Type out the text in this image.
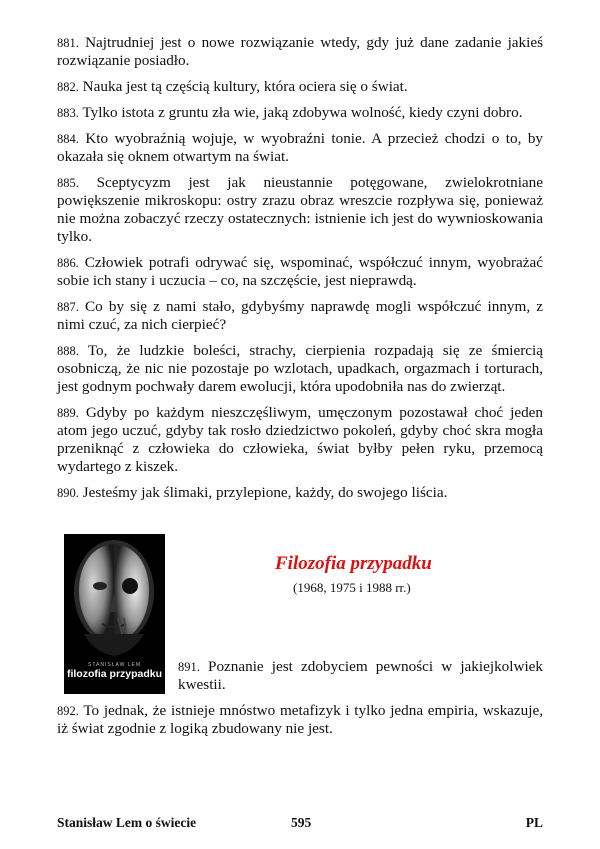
881. Najtrudniej jest o nowe rozwiązanie wtedy, gdy już dane zadanie jakieś rozwiązanie posiadło.

882. Nauka jest tą częścią kultury, która ociera się o świat.

883. Tylko istota z gruntu zła wie, jaką zdobywa wolność, kiedy czyni dobro.

884. Kto wyobraźnią wojuje, w wyobraźni tonie. A przecież chodzi o to, by okazała się oknem otwartym na świat.

885. Sceptycyzm jest jak nieustannie potęgowane, zwielokrotniane powiększenie mikroskopu: ostry zrazu obraz wreszcie rozpływa się, ponieważ nie można zobaczyć rzeczy ostatecznych: istnienie ich jest do wywnioskowania tylko.

886. Człowiek potrafi odrywać się, wspominać, współczuć innym, wyobrażać sobie ich stany i uczucia – co, na szczęście, jest nieprawdą.

887. Co by się z nami stało, gdybyśmy naprawdę mogli współczuć innym, z nimi czuć, za nich cierpieć?

888. To, że ludzkie boleści, strachy, cierpienia rozpadają się ze śmiercią osobniczą, że nic nie pozostaje po wzlotach, upadkach, orgazmach i torturach, jest godnym pochwały darem ewolucji, która upodobniła nas do zwierząt.

889. Gdyby po każdym nieszczęśliwym, umęczonym pozostawał choć jeden atom jego uczuć, gdyby tak rosło dziedzictwo pokoleń, gdyby choć skra mogła przeniknąć z człowieka do człowieka, świat byłby pełen ryku, przemocą wydartego z kiszek.

890. Jesteśmy jak ślimaki, przylepione, każdy, do swojego liścia.

STANISŁAW LEM
filozofia przypadku
Filozofia przypadku
(1968, 1975 i 1988 rr.)

891. Poznanie jest zdobyciem pewności w jakiejkolwiek kwestii.

892. To jednak, że istnieje mnóstwo metafizyk i tylko jedna empiria, wskazuje, iż świat zgodnie z logiką zbudowany nie jest.

Stanisław Lem o świecie	595	PL
